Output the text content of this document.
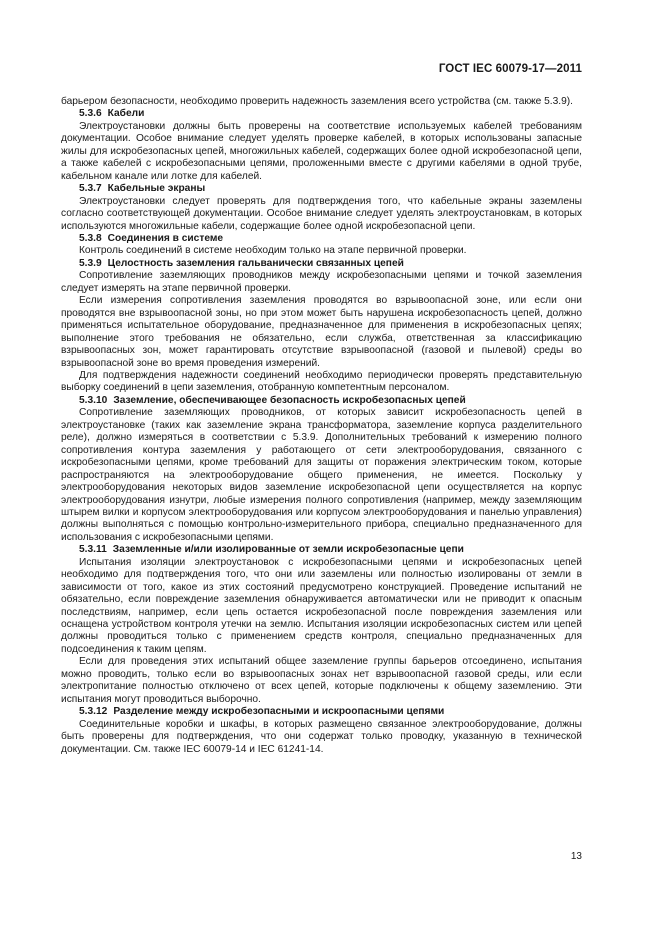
ГОСТ IEC 60079-17—2011

барьером безопасности, необходимо проверить надежность заземления всего устройства (см. также 5.3.9).

5.3.6 Кабели

Электроустановки должны быть проверены на соответствие используемых кабелей требованиям документации. Особое внимание следует уделять проверке кабелей, в которых использованы запасные жилы для искробезопасных цепей, многожильных кабелей, содержащих более одной искробезопасной цепи, а также кабелей с искробезопасными цепями, проложенными вместе с другими кабелями в одной трубе, кабельном канале или лотке для кабелей.

5.3.7 Кабельные экраны

Электроустановки следует проверять для подтверждения того, что кабельные экраны заземлены согласно соответствующей документации. Особое внимание следует уделять электроустановкам, в которых используются многожильные кабели, содержащие более одной искробезопасной цепи.

5.3.8 Соединения в системе

Контроль соединений в системе необходим только на этапе первичной проверки.

5.3.9 Целостность заземления гальванически связанных цепей

Сопротивление заземляющих проводников между искробезопасными цепями и точкой заземления следует измерять на этапе первичной проверки.

Если измерения сопротивления заземления проводятся во взрывоопасной зоне, или если они проводятся вне взрывоопасной зоны, но при этом может быть нарушена искробезопасность цепей, должно применяться испытательное оборудование, предназначенное для применения в искробезопасных цепях; выполнение этого требования не обязательно, если служба, ответственная за классификацию взрывоопасных зон, может гарантировать отсутствие взрывоопасной (газовой и пылевой) среды во взрывоопасной зоне во время проведения измерений.

Для подтверждения надежности соединений необходимо периодически проверять представительную выборку соединений в цепи заземления, отобранную компетентным персоналом.

5.3.10 Заземление, обеспечивающее безопасность искробезопасных цепей

Сопротивление заземляющих проводников, от которых зависит искробезопасность цепей в электроустановке (таких как заземление экрана трансформатора, заземление корпуса разделительного реле), должно измеряться в соответствии с 5.3.9. Дополнительных требований к измерению полного сопротивления контура заземления у работающего от сети электрооборудования, связанного с искробезопасными цепями, кроме требований для защиты от поражения электрическим током, которые распространяются на электрооборудование общего применения, не имеется. Поскольку у электрооборудования некоторых видов заземление искробезопасной цепи осуществляется на корпус электрооборудования изнутри, любые измерения полного сопротивления (например, между заземляющим штырем вилки и корпусом электрооборудования или корпусом электрооборудования и панелью управления) должны выполняться с помощью контрольно-измерительного прибора, специально предназначенного для использования с искробезопасными цепями.

5.3.11 Заземленные и/или изолированные от земли искробезопасные цепи

Испытания изоляции электроустановок с искробезопасными цепями и искробезопасных цепей необходимо для подтверждения того, что они или заземлены или полностью изолированы от земли в зависимости от того, какое из этих состояний предусмотрено конструкцией. Проведение испытаний не обязательно, если повреждение заземления обнаруживается автоматически или не приводит к опасным последствиям, например, если цепь остается искробезопасной после повреждения заземления или оснащена устройством контроля утечки на землю. Испытания изоляции искробезопасных систем или цепей должны проводиться только с применением средств контроля, специально предназначенных для подсоединения к таким цепям.

Если для проведения этих испытаний общее заземление группы барьеров отсоединено, испытания можно проводить, только если во взрывоопасных зонах нет взрывоопасной газовой среды, или если электропитание полностью отключено от всех цепей, которые подключены к общему заземлению. Эти испытания могут проводиться выборочно.

5.3.12 Разделение между искробезопасными и искроопасными цепями

Соединительные коробки и шкафы, в которых размещено связанное электрооборудование, должны быть проверены для подтверждения, что они содержат только проводку, указанную в технической документации. См. также IEC 60079-14 и IEC 61241-14.

13
